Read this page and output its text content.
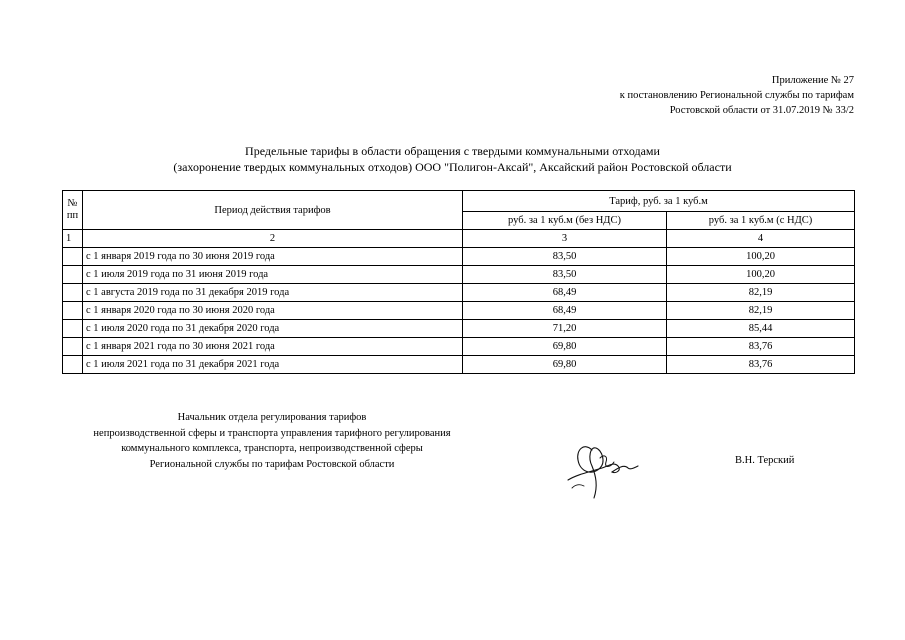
Приложение № 27
к постановлению Региональной службы по тарифам
Ростовской области от 31.07.2019 № 33/2
Предельные тарифы в области обращения с твердыми коммунальными отходами
(захоронение твердых коммунальных отходов) ООО "Полигон-Аксай", Аксайский район Ростовской области
№ пп	Период действия тарифов	Тариф, руб. за 1 куб.м	
		руб. за 1 куб.м (без НДС)	руб. за 1 куб.м (с НДС)
1	2	3	4
	с 1 января 2019 года по 30 июня 2019 года	83,50	100,20
	с 1 июля 2019 года по 31 июня 2019 года	83,50	100,20
	с 1 августа 2019 года по 31 декабря 2019 года	68,49	82,19
	с 1 января 2020 года по 30 июня 2020 года	68,49	82,19
	с 1 июля 2020 года по 31 декабря 2020 года	71,20	85,44
	с 1 января 2021 года по 30 июня 2021 года	69,80	83,76
	с 1 июля 2021 года по 31 декабря 2021 года	69,80	83,76
Начальник отдела регулирования тарифов
непроизводственной сферы и транспорта управления тарифного регулирования
коммунального комплекса, транспорта, непроизводственной сферы
Региональной службы по тарифам Ростовской области	В.Н. Терский
